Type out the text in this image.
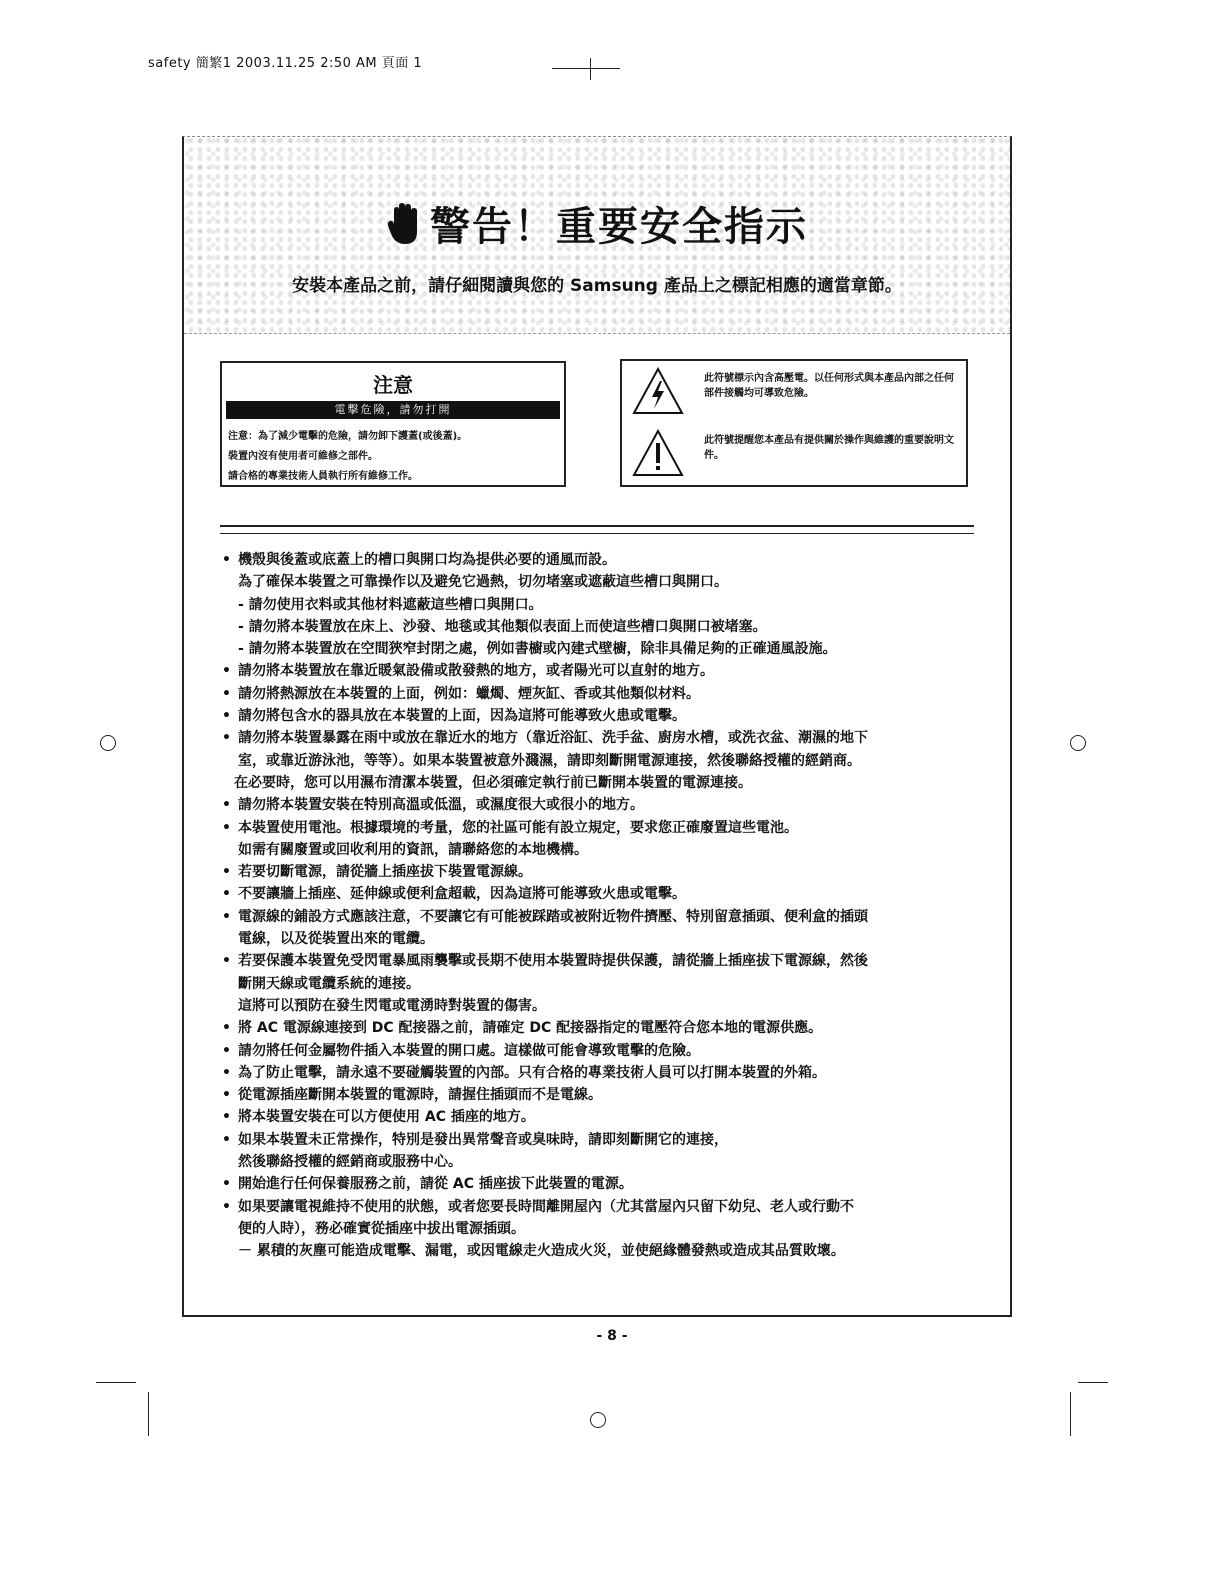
safety 簡繁1 2003.11.25 2:50 AM 頁面 1
警告！重要安全指示
安裝本產品之前，請仔細閱讀與您的 Samsung 產品上之標記相應的適當章節。
注意
電擊危險，請勿打開
注意：為了減少電擊的危險，請勿卸下護蓋(或後蓋)。
裝置內沒有使用者可維修之部件。
請合格的專業技術人員執行所有維修工作。
此符號標示內含高壓電。以任何形式與本產品內部之任何部件接觸均可導致危險。
此符號提醒您本產品有提供關於操作與維護的重要說明文件。
• 機殼與後蓋或底蓋上的槽口與開口均為提供必要的通風而設。
為了確保本裝置之可靠操作以及避免它過熱，切勿堵塞或遮蔽這些槽口與開口。
- 請勿使用衣料或其他材料遮蔽這些槽口與開口。
- 請勿將本裝置放在床上、沙發、地毯或其他類似表面上而使這些槽口與開口被堵塞。
- 請勿將本裝置放在空間狹窄封閉之處，例如書櫥或內建式壁櫥，除非具備足夠的正確通風設施。
• 請勿將本裝置放在靠近暖氣設備或散發熱的地方，或者陽光可以直射的地方。
• 請勿將熱源放在本裝置的上面，例如：蠟燭、煙灰缸、香或其他類似材料。
• 請勿將包含水的器具放在本裝置的上面，因為這將可能導致火患或電擊。
• 請勿將本裝置暴露在雨中或放在靠近水的地方（靠近浴缸、洗手盆、廚房水槽，或洗衣盆、潮濕的地下
室，或靠近游泳池，等等）。如果本裝置被意外濺濕，請即刻斷開電源連接，然後聯絡授權的經銷商。
在必要時，您可以用濕布清潔本裝置，但必須確定執行前已斷開本裝置的電源連接。
• 請勿將本裝置安裝在特別高溫或低溫，或濕度很大或很小的地方。
• 本裝置使用電池。根據環境的考量，您的社區可能有設立規定，要求您正確廢置這些電池。
如需有關廢置或回收利用的資訊，請聯絡您的本地機構。
• 若要切斷電源，請從牆上插座拔下裝置電源線。
• 不要讓牆上插座、延伸線或便利盒超載，因為這將可能導致火患或電擊。
• 電源線的鋪設方式應該注意，不要讓它有可能被踩踏或被附近物件擠壓、特別留意插頭、便利盒的插頭
電線，以及從裝置出來的電纜。
• 若要保護本裝置免受閃電暴風雨襲擊或長期不使用本裝置時提供保護，請從牆上插座拔下電源線，然後
斷開天線或電纜系統的連接。
這將可以預防在發生閃電或電湧時對裝置的傷害。
• 將 AC 電源線連接到 DC 配接器之前，請確定 DC 配接器指定的電壓符合您本地的電源供應。
• 請勿將任何金屬物件插入本裝置的開口處。這樣做可能會導致電擊的危險。
• 為了防止電擊，請永遠不要碰觸裝置的內部。只有合格的專業技術人員可以打開本裝置的外箱。
• 從電源插座斷開本裝置的電源時，請握住插頭而不是電線。
• 將本裝置安裝在可以方便使用 AC 插座的地方。
• 如果本裝置未正常操作，特別是發出異常聲音或臭味時，請即刻斷開它的連接，
然後聯絡授權的經銷商或服務中心。
• 開始進行任何保養服務之前，請從 AC 插座拔下此裝置的電源。
• 如果要讓電視維持不使用的狀態，或者您要長時間離開屋內（尤其當屋內只留下幼兒、老人或行動不
便的人時），務必確實從插座中拔出電源插頭。
－ 累積的灰塵可能造成電擊、漏電，或因電線走火造成火災，並使絕緣體發熱或造成其品質敗壞。
- 8 -
